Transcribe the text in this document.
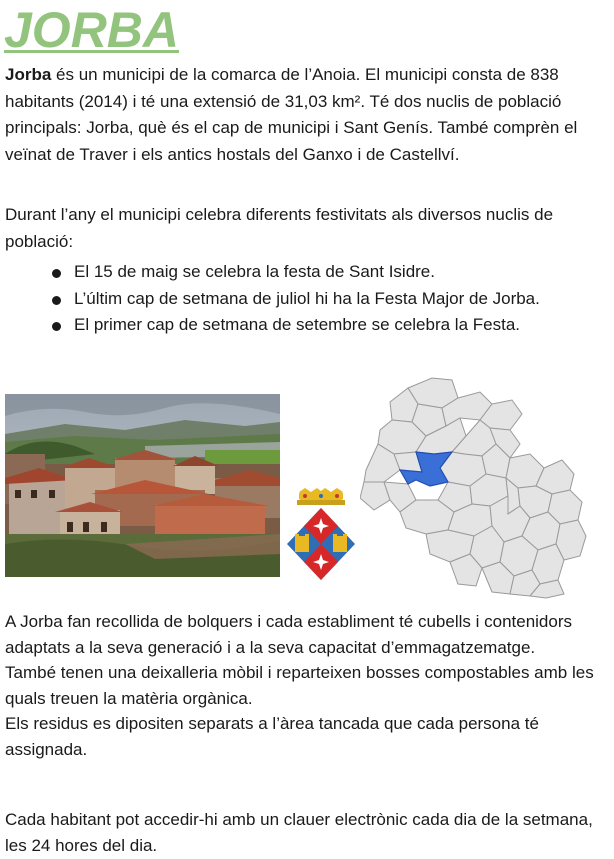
JORBA

Jorba és un municipi de la comarca de l’Anoia. El municipi consta de 838 habitants (2014) i té una extensió de 31,03 km². Té dos nuclis de població principals: Jorba, què és el cap de municipi i Sant Genís. També comprèn el veïnat de Traver i els antics hostals del Ganxo i de Castellví.

Durant l’any el municipi celebra diferents festivitats als diversos nuclis de població:

El 15 de maig se celebra la festa de Sant Isidre.
L’últim cap de setmana de juliol hi ha la Festa Major de Jorba.
El primer cap de setmana de setembre se celebra la Festa.

A Jorba fan recollida de bolquers i cada establiment té cubells i contenidors adaptats a la seva generació i a la seva capacitat d’emmagatzematge.
També tenen una deixalleria mòbil i reparteixen bosses compostables amb les quals treuen la matèria orgànica.
Els residus es dipositen separats a l’àrea tancada que cada persona té assignada.

Cada habitant pot accedir-hi amb un clauer electrònic cada dia de la setmana, les 24 hores del dia.
